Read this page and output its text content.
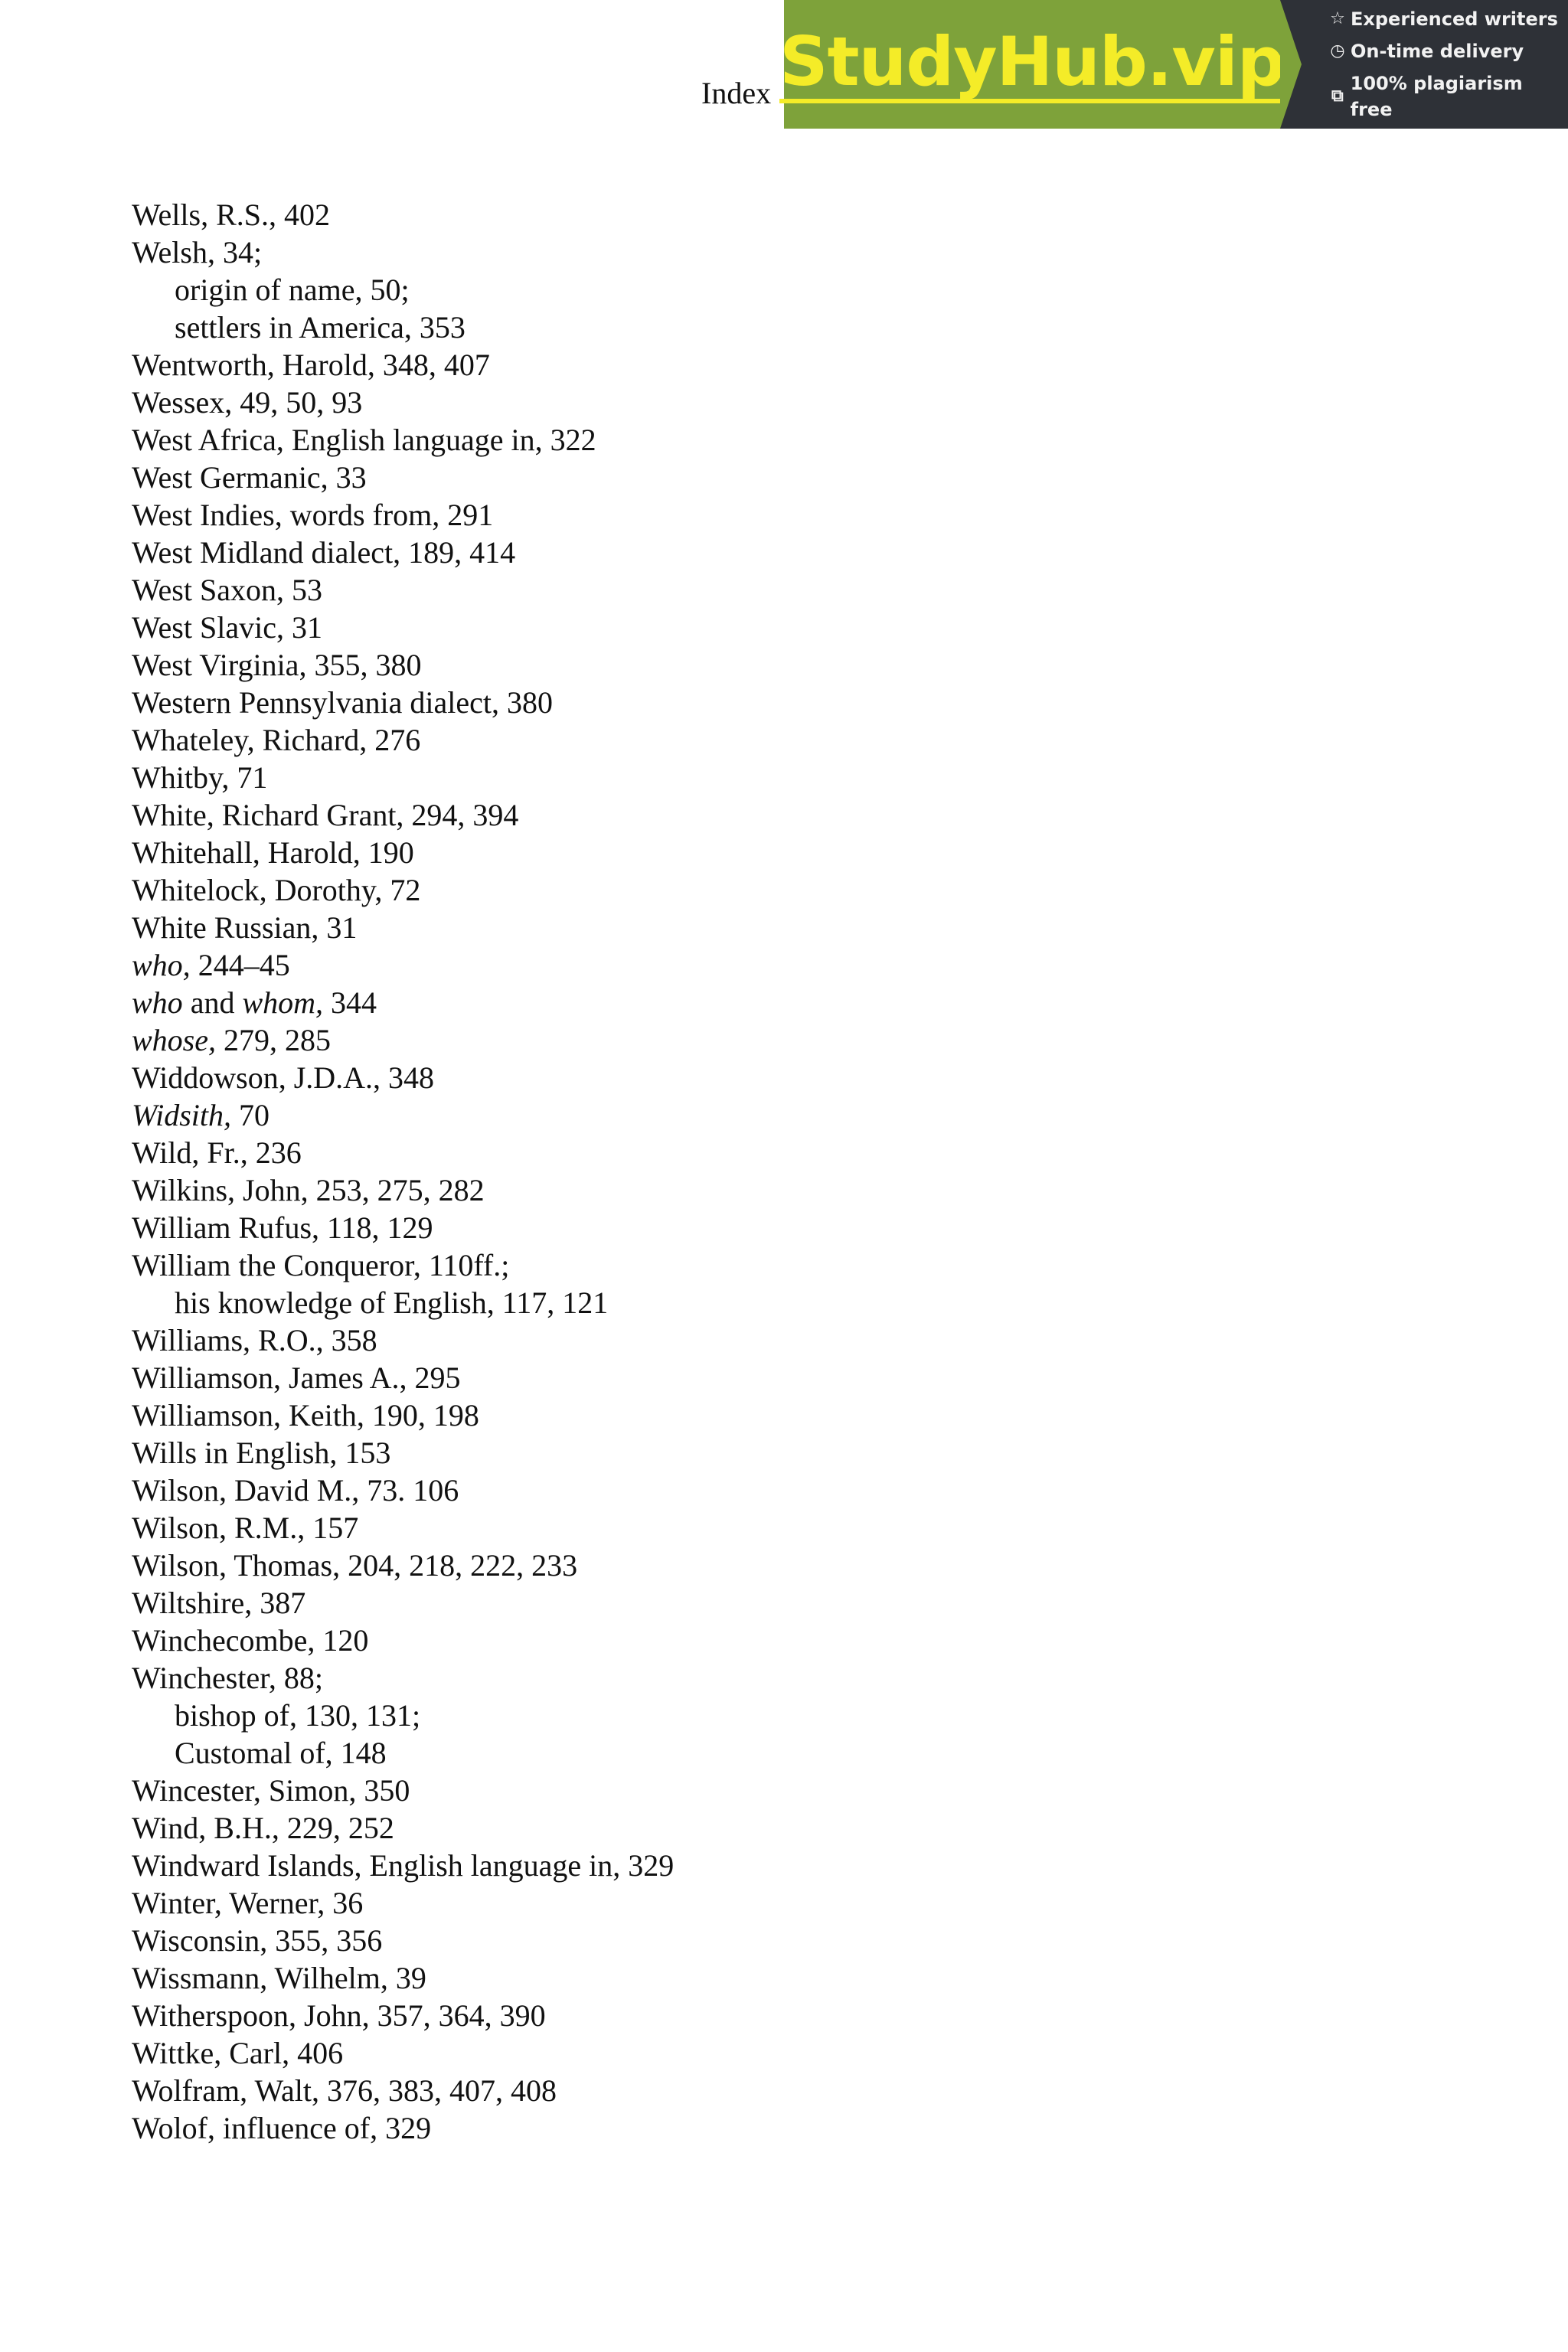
Index StudyHub.vip
☆ Experienced writers
◷ On-time delivery
⧉
100% plagiarism free
Wells, R.S., 402
Welsh, 34;
origin of name, 50;
settlers in America, 353
Wentworth, Harold, 348, 407
Wessex, 49, 50, 93
West Africa, English language in, 322
West Germanic, 33
West Indies, words from, 291
West Midland dialect, 189, 414
West Saxon, 53
West Slavic, 31
West Virginia, 355, 380
Western Pennsylvania dialect, 380
Whateley, Richard, 276
Whitby, 71
White, Richard Grant, 294, 394
Whitehall, Harold, 190
Whitelock, Dorothy, 72
White Russian, 31
who, 244–45
who and whom, 344
whose, 279, 285
Widdowson, J.D.A., 348
Widsith, 70
Wild, Fr., 236
Wilkins, John, 253, 275, 282
William Rufus, 118, 129
William the Conqueror, 110ff.;
his knowledge of English, 117, 121
Williams, R.O., 358
Williamson, James A., 295
Williamson, Keith, 190, 198
Wills in English, 153
Wilson, David M., 73. 106
Wilson, R.M., 157
Wilson, Thomas, 204, 218, 222, 233
Wiltshire, 387
Winchecombe, 120
Winchester, 88;
bishop of, 130, 131;
Customal of, 148
Wincester, Simon, 350
Wind, B.H., 229, 252
Windward Islands, English language in, 329
Winter, Werner, 36
Wisconsin, 355, 356
Wissmann, Wilhelm, 39
Witherspoon, John, 357, 364, 390
Wittke, Carl, 406
Wolfram, Walt, 376, 383, 407, 408
Wolof, influence of, 329
